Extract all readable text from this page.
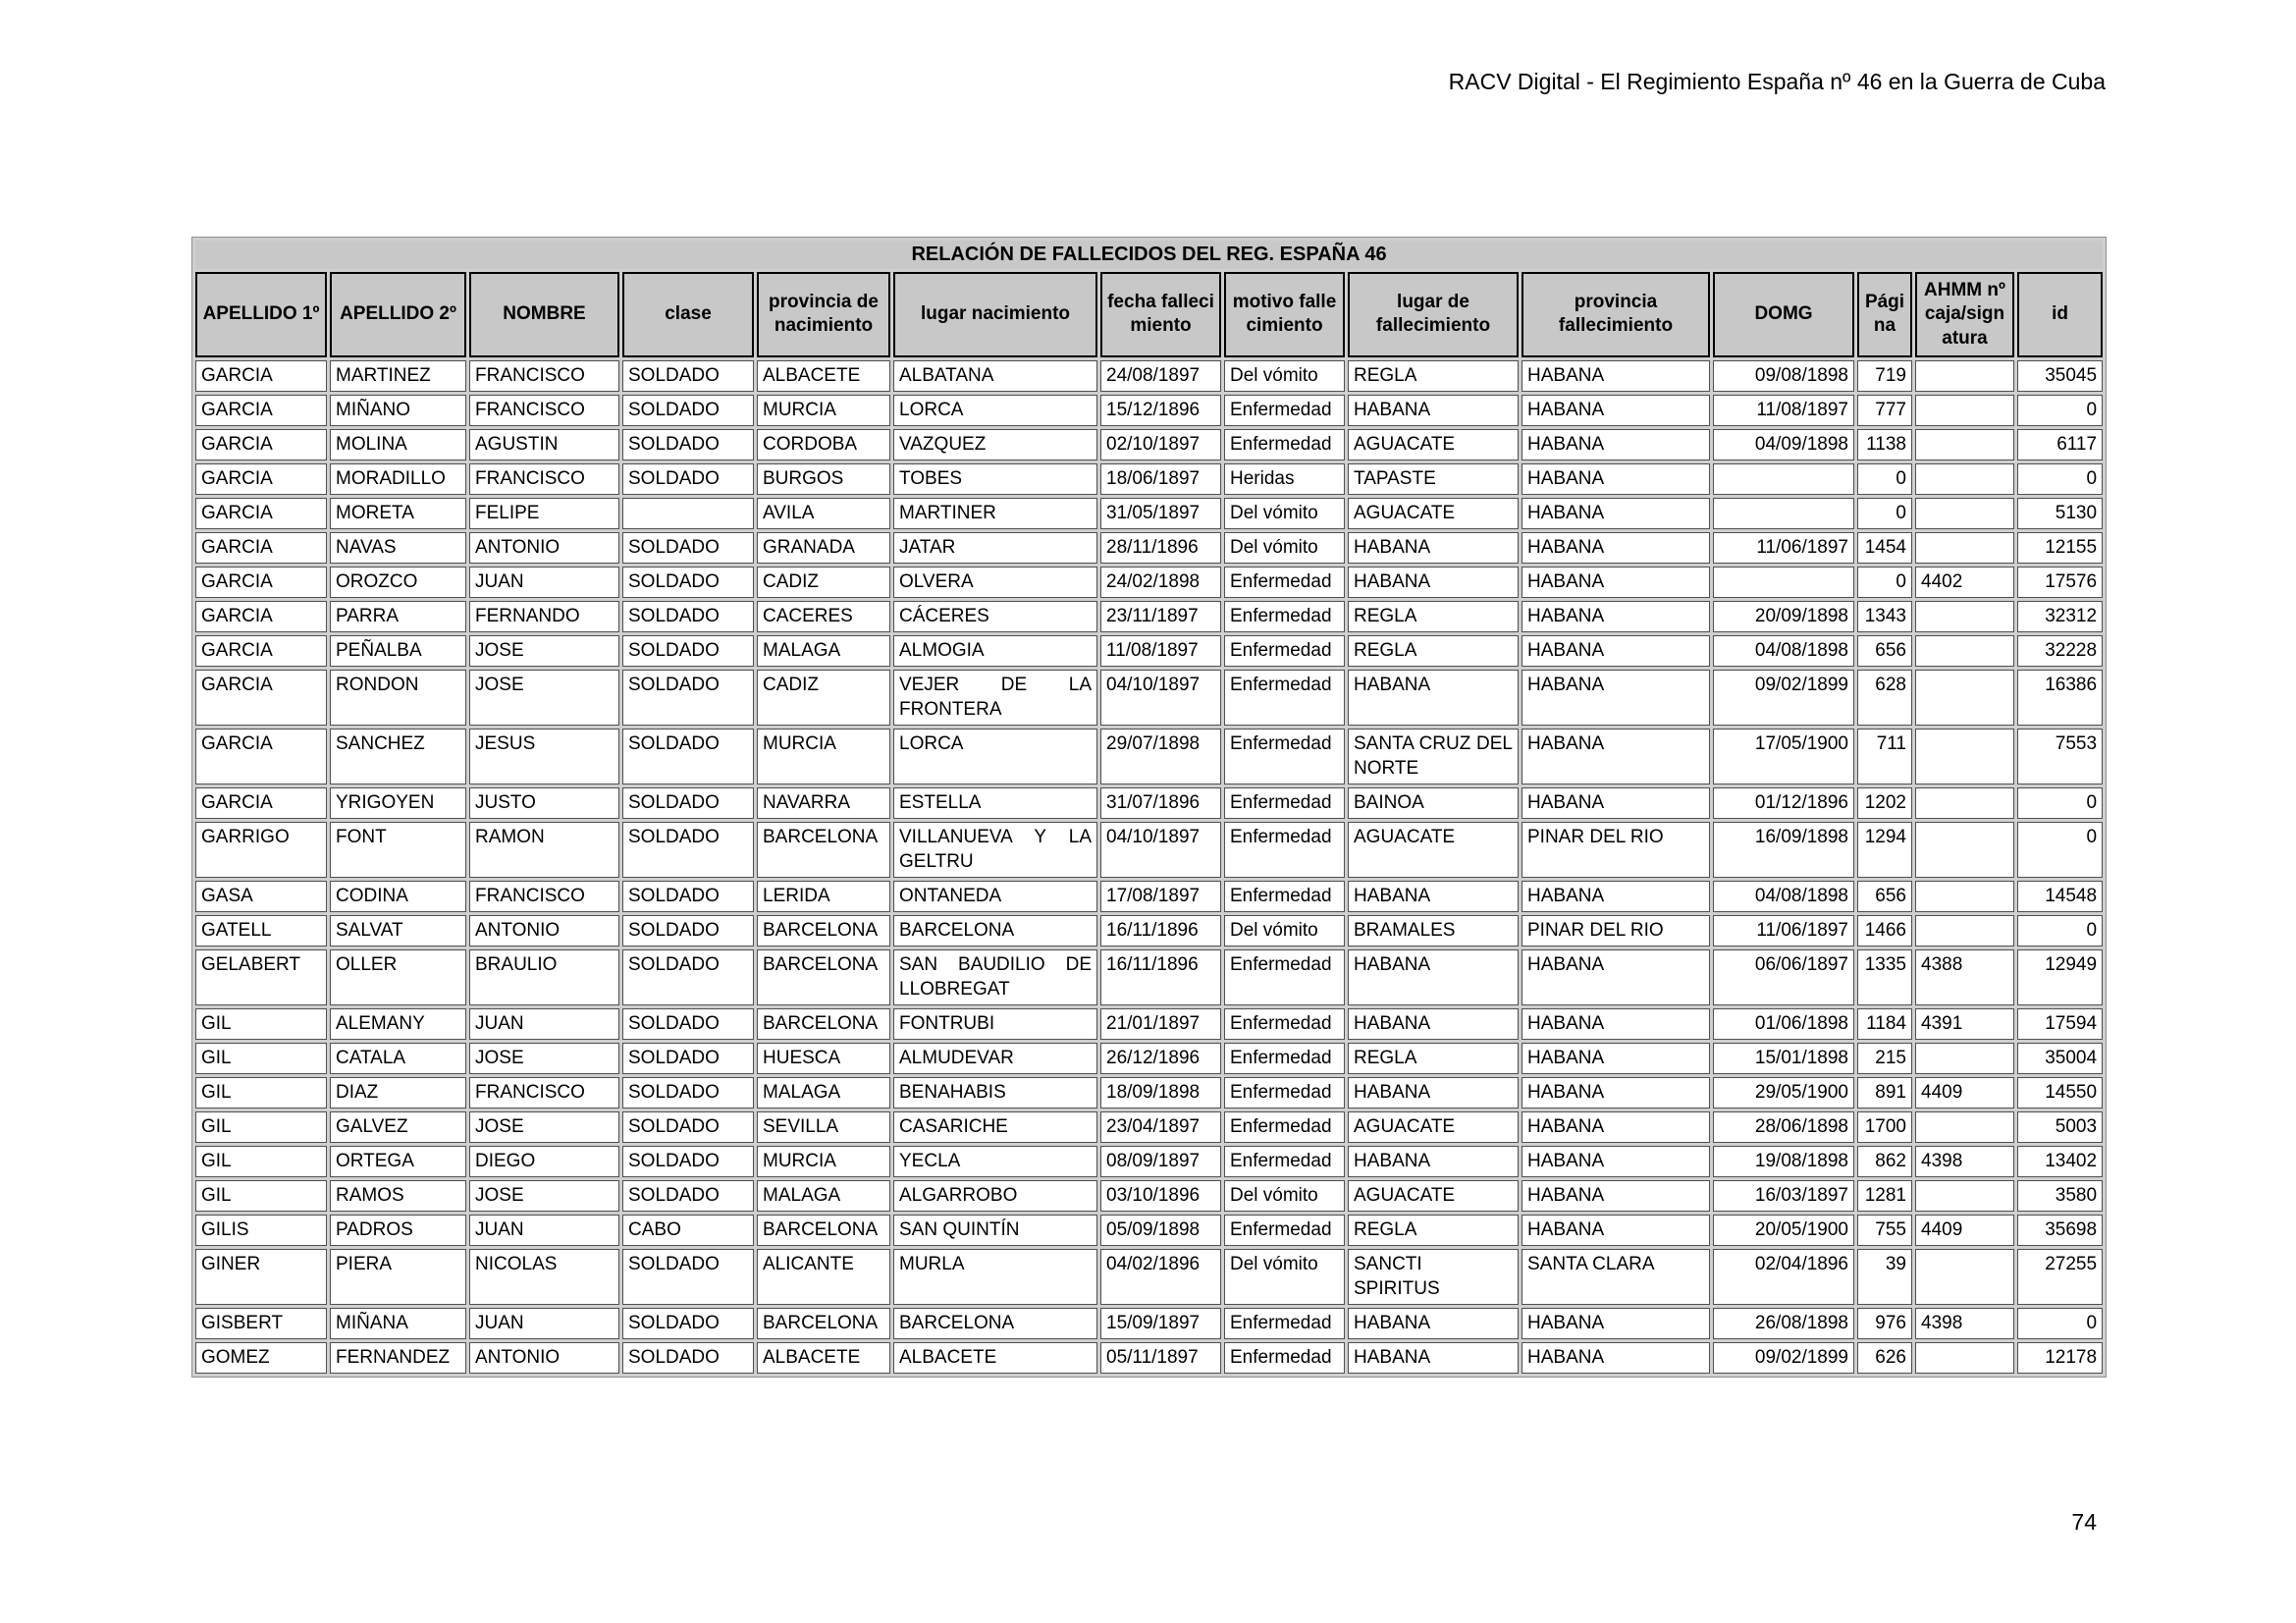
RACV Digital - El Regimiento España nº 46 en la Guerra de Cuba
RELACIÓN DE FALLECIDOS DEL REG. ESPAÑA 46													
APELLIDO 1º	APELLIDO 2º	NOMBRE	clase	provincia de nacimiento	lugar nacimiento	fecha fallecimiento	motivo fallecimiento	lugar de fallecimiento	provincia fallecimiento	DOMG	Página	AHMM nºcaja/signatura	id
GARCIA	MARTINEZ	FRANCISCO	SOLDADO	ALBACETE	ALBATANA	24/08/1897	Del vómito	REGLA	HABANA	09/08/1898	719		35045
GARCIA	MIÑANO	FRANCISCO	SOLDADO	MURCIA	LORCA	15/12/1896	Enfermedad	HABANA	HABANA	11/08/1897	777		0
GARCIA	MOLINA	AGUSTIN	SOLDADO	CORDOBA	VAZQUEZ	02/10/1897	Enfermedad	AGUACATE	HABANA	04/09/1898	1138		6117
GARCIA	MORADILLO	FRANCISCO	SOLDADO	BURGOS	TOBES	18/06/1897	Heridas	TAPASTE	HABANA		0		0
GARCIA	MORETA	FELIPE		AVILA	MARTINER	31/05/1897	Del vómito	AGUACATE	HABANA		0		5130
GARCIA	NAVAS	ANTONIO	SOLDADO	GRANADA	JATAR	28/11/1896	Del vómito	HABANA	HABANA	11/06/1897	1454		12155
GARCIA	OROZCO	JUAN	SOLDADO	CADIZ	OLVERA	24/02/1898	Enfermedad	HABANA	HABANA		0	4402	17576
GARCIA	PARRA	FERNANDO	SOLDADO	CACERES	CÁCERES	23/11/1897	Enfermedad	REGLA	HABANA	20/09/1898	1343		32312
GARCIA	PEÑALBA	JOSE	SOLDADO	MALAGA	ALMOGIA	11/08/1897	Enfermedad	REGLA	HABANA	04/08/1898	656		32228
GARCIA	RONDON	JOSE	SOLDADO	CADIZ	VEJER DE LA FRONTERA	04/10/1897	Enfermedad	HABANA	HABANA	09/02/1899	628		16386
GARCIA	SANCHEZ	JESUS	SOLDADO	MURCIA	LORCA	29/07/1898	Enfermedad	SANTA CRUZ DEL NORTE	HABANA	17/05/1900	711		7553
GARCIA	YRIGOYEN	JUSTO	SOLDADO	NAVARRA	ESTELLA	31/07/1896	Enfermedad	BAINOA	HABANA	01/12/1896	1202		0
GARRIGO	FONT	RAMON	SOLDADO	BARCELONA	VILLANUEVA Y LA GELTRU	04/10/1897	Enfermedad	AGUACATE	PINAR DEL RIO	16/09/1898	1294		0
GASA	CODINA	FRANCISCO	SOLDADO	LERIDA	ONTANEDA	17/08/1897	Enfermedad	HABANA	HABANA	04/08/1898	656		14548
GATELL	SALVAT	ANTONIO	SOLDADO	BARCELONA	BARCELONA	16/11/1896	Del vómito	BRAMALES	PINAR DEL RIO	11/06/1897	1466		0
GELABERT	OLLER	BRAULIO	SOLDADO	BARCELONA	SAN BAUDILIO DE LLOBREGAT	16/11/1896	Enfermedad	HABANA	HABANA	06/06/1897	1335	4388	12949
GIL	ALEMANY	JUAN	SOLDADO	BARCELONA	FONTRUBI	21/01/1897	Enfermedad	HABANA	HABANA	01/06/1898	1184	4391	17594
GIL	CATALA	JOSE	SOLDADO	HUESCA	ALMUDEVAR	26/12/1896	Enfermedad	REGLA	HABANA	15/01/1898	215		35004
GIL	DIAZ	FRANCISCO	SOLDADO	MALAGA	BENAHABIS	18/09/1898	Enfermedad	HABANA	HABANA	29/05/1900	891	4409	14550
GIL	GALVEZ	JOSE	SOLDADO	SEVILLA	CASARICHE	23/04/1897	Enfermedad	AGUACATE	HABANA	28/06/1898	1700		5003
GIL	ORTEGA	DIEGO	SOLDADO	MURCIA	YECLA	08/09/1897	Enfermedad	HABANA	HABANA	19/08/1898	862	4398	13402
GIL	RAMOS	JOSE	SOLDADO	MALAGA	ALGARROBO	03/10/1896	Del vómito	AGUACATE	HABANA	16/03/1897	1281		3580
GILIS	PADROS	JUAN	CABO	BARCELONA	SAN QUINTÍN	05/09/1898	Enfermedad	REGLA	HABANA	20/05/1900	755	4409	35698
GINER	PIERA	NICOLAS	SOLDADO	ALICANTE	MURLA	04/02/1896	Del vómito	SANCTI SPIRITUS	SANTA CLARA	02/04/1896	39		27255
GISBERT	MIÑANA	JUAN	SOLDADO	BARCELONA	BARCELONA	15/09/1897	Enfermedad	HABANA	HABANA	26/08/1898	976	4398	0
GOMEZ	FERNANDEZ	ANTONIO	SOLDADO	ALBACETE	ALBACETE	05/11/1897	Enfermedad	HABANA	HABANA	09/02/1899	626		12178
74
